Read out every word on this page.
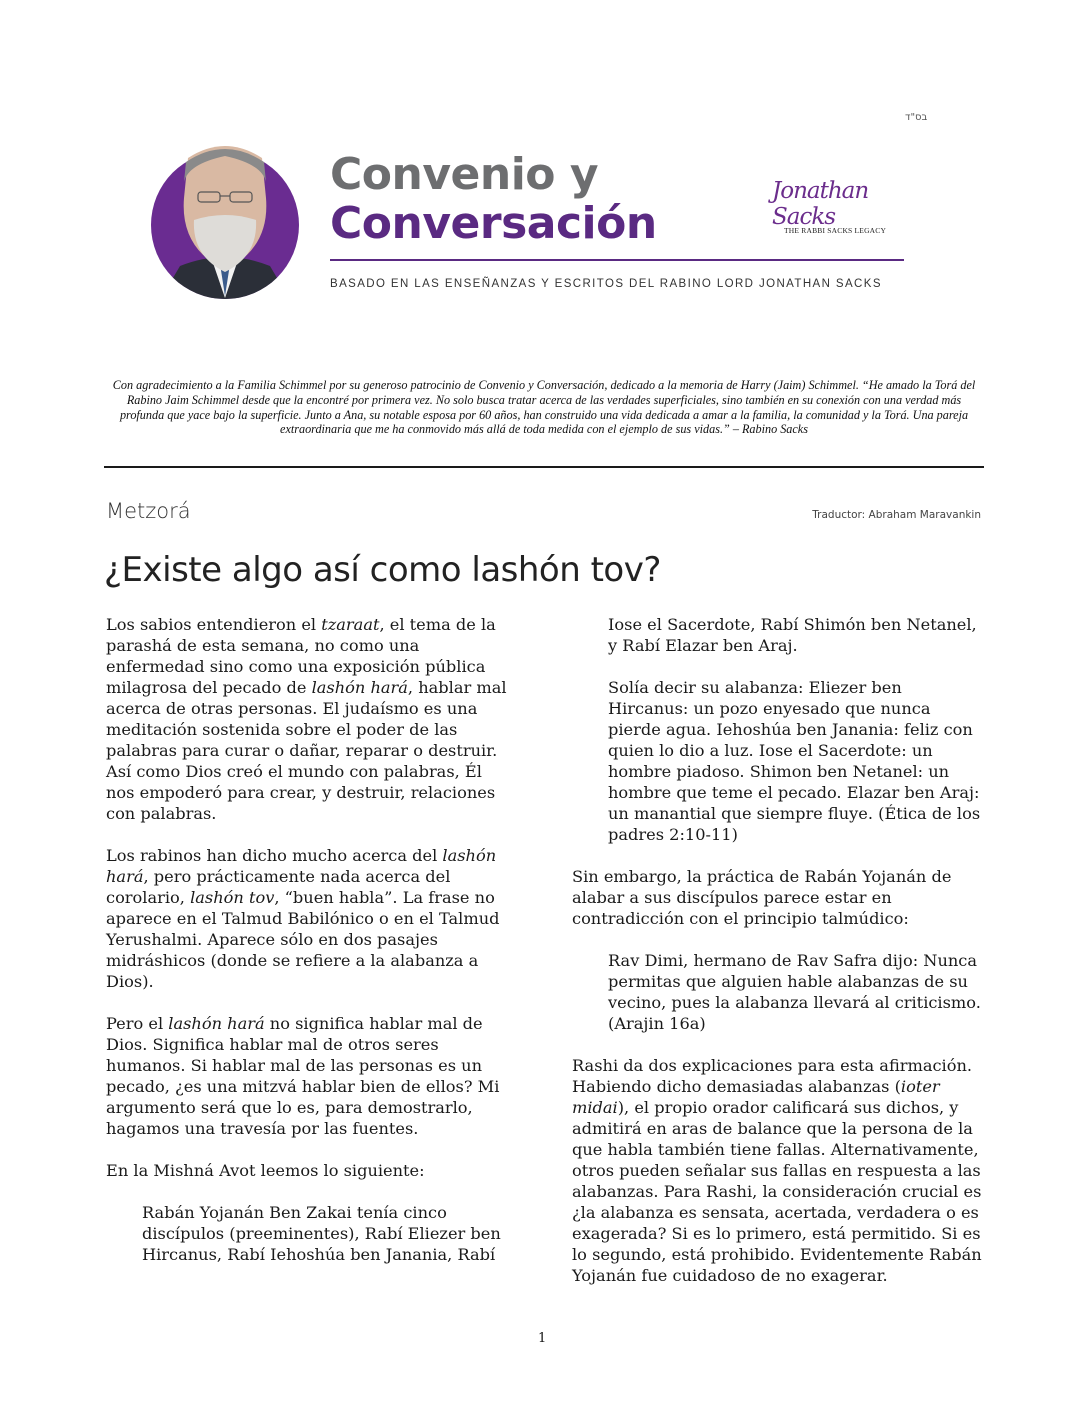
בס"ד
Convenio y
Conversación
Jonathan Sacks
THE RABBI SACKS LEGACY
BASADO EN LAS ENSEÑANZAS Y ESCRITOS DEL RABINO LORD JONATHAN SACKS
Con agradecimiento a la Familia Schimmel por su generoso patrocinio de Convenio y Conversación, dedicado a la memoria de Harry (Jaim) Schimmel. “He amado la Torá del Rabino Jaim Schimmel desde que la encontré por primera vez. No solo busca tratar acerca de las verdades superficiales, sino también en su conexión con una verdad más profunda que yace bajo la superficie. Junto a Ana, su notable esposa por 60 años, han construido una vida dedicada a amar a la familia, la comunidad y la Torá. Una pareja extraordinaria que me ha conmovido más allá de toda medida con el ejemplo de sus vidas.” – Rabino Sacks
Metzorá	Traductor: Abraham Maravankin
¿Existe algo así como lashón tov?

Los sabios entendieron el tzaraat, el tema de la parashá de esta semana, no como una enfermedad sino como una exposición pública milagrosa del pecado de lashón hará, hablar mal acerca de otras personas. El judaísmo es una meditación sostenida sobre el poder de las palabras para curar o dañar, reparar o destruir. Así como Dios creó el mundo con palabras, Él nos empoderó para crear, y destruir, relaciones con palabras.

Los rabinos han dicho mucho acerca del lashón hará, pero prácticamente nada acerca del corolario, lashón tov, “buen habla”. La frase no aparece en el Talmud Babilónico o en el Talmud Yerushalmi. Aparece sólo en dos pasajes midráshicos (donde se refiere a la alabanza a Dios).

Pero el lashón hará no significa hablar mal de Dios. Significa hablar mal de otros seres humanos. Si hablar mal de las personas es un pecado, ¿es una mitzvá hablar bien de ellos? Mi argumento será que lo es, para demostrarlo, hagamos una travesía por las fuentes.

En la Mishná Avot leemos lo siguiente:

Rabán Yojanán Ben Zakai tenía cinco discípulos (preeminentes), Rabí Eliezer ben Hircanus, Rabí Iehoshúa ben Janania, Rabí

Iose el Sacerdote, Rabí Shimón ben Netanel, y Rabí Elazar ben Araj.

Solía decir su alabanza: Eliezer ben Hircanus: un pozo enyesado que nunca pierde agua. Iehoshúa ben Janania: feliz con quien lo dio a luz. Iose el Sacerdote: un hombre piadoso. Shimon ben Netanel: un hombre que teme el pecado. Elazar ben Araj: un manantial que siempre fluye. (Ética de los padres 2:10-11)

Sin embargo, la práctica de Rabán Yojanán de alabar a sus discípulos parece estar en contradicción con el principio talmúdico:

Rav Dimi, hermano de Rav Safra dijo: Nunca permitas que alguien hable alabanzas de su vecino, pues la alabanza llevará al criticismo. (Arajin 16a)

Rashi da dos explicaciones para esta afirmación. Habiendo dicho demasiadas alabanzas (ioter midai), el propio orador calificará sus dichos, y admitirá en aras de balance que la persona de la que habla también tiene fallas. Alternativamente, otros pueden señalar sus fallas en respuesta a las alabanzas. Para Rashi, la consideración crucial es ¿la alabanza es sensata, acertada, verdadera o es exagerada? Si es lo primero, está permitido. Si es lo segundo, está prohibido. Evidentemente Rabán Yojanán fue cuidadoso de no exagerar.

1
